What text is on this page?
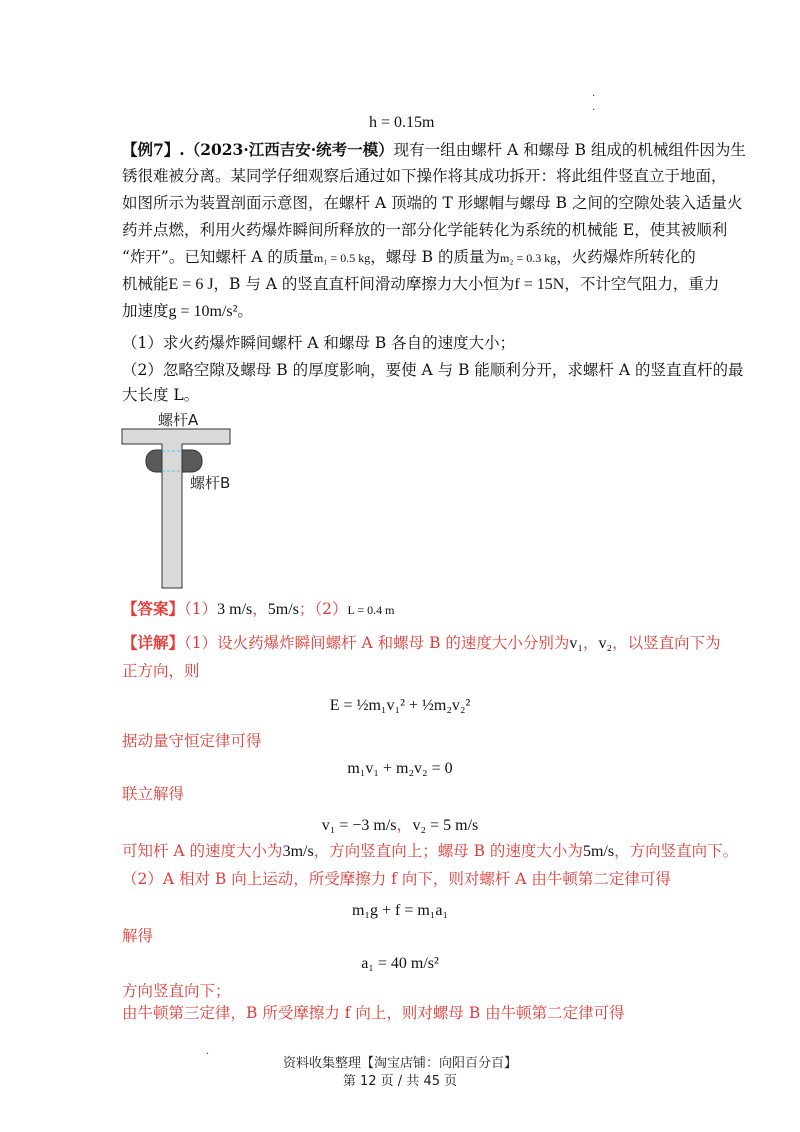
.
.
h = 0.15m
【例7】.（2023·江西吉安·统考一模）现有一组由螺杆 A 和螺母 B 组成的机械组件因为生
锈很难被分离。某同学仔细观察后通过如下操作将其成功拆开：将此组件竖直立于地面，
如图所示为装置剖面示意图，在螺杆 A 顶端的 T 形螺帽与螺母 B 之间的空隙处装入适量火
药并点燃，利用火药爆炸瞬间所释放的一部分化学能转化为系统的机械能 E，使其被顺利
“炸开”。已知螺杆 A 的质量m₁ = 0.5 kg，螺母 B 的质量为m₂ = 0.3 kg，火药爆炸所转化的
机械能E = 6 J，B 与 A 的竖直直杆间滑动摩擦力大小恒为f = 15N，不计空气阻力，重力
加速度g = 10m/s²。
（1）求火药爆炸瞬间螺杆 A 和螺母 B 各自的速度大小；
（2）忽略空隙及螺母 B 的厚度影响，要使 A 与 B 能顺利分开，求螺杆 A 的竖直直杆的最
大长度 L。
螺杆A
螺杆B
【答案】（1）3 m/s，5m/s；（2）L = 0.4 m
【详解】（1）设火药爆炸瞬间螺杆 A 和螺母 B 的速度大小分别为v₁，v₂，以竖直向下为
正方向，则
E = ½m₁v₁² + ½m₂v₂²
据动量守恒定律可得
m₁v₁ + m₂v₂ = 0
联立解得
v₁ = −3 m/s，v₂ = 5 m/s
可知杆 A 的速度大小为3m/s，方向竖直向上；螺母 B 的速度大小为5m/s，方向竖直向下。
（2）A 相对 B 向上运动，所受摩擦力 f 向下，则对螺杆 A 由牛顿第二定律可得
m₁g + f = m₁a₁
解得
a₁ = 40 m/s²
方向竖直向下；
由牛顿第三定律，B 所受摩擦力 f 向上，则对螺母 B 由牛顿第二定律可得
.
资料收集整理【淘宝店铺：向阳百分百】
第 12 页 / 共 45 页
